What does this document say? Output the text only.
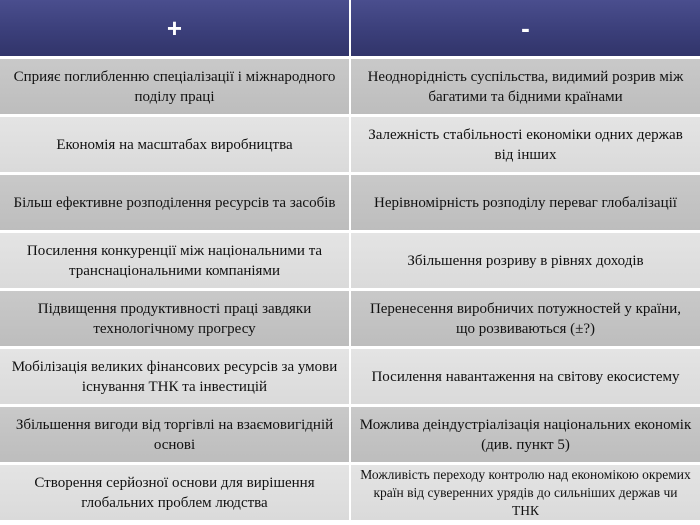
+	-
Сприяє поглибленню спеціалізації і міжнародного поділу праці
Неоднорідність суспільства, видимий розрив між багатими та бідними країнами
Економія на масштабах виробництва
Залежність стабільності економіки одних держав від інших
Більш ефективне розподілення ресурсів та засобів	Нерівномірність розподілу переваг глобалізації
Посилення конкуренції між національними та транснаціональними компаніями
Збільшення розриву в рівнях доходів
Підвищення продуктивності праці завдяки технологічному прогресу
Перенесення виробничих потужностей у країни, що розвиваються (±?)
Мобілізація великих фінансових ресурсів за умови існування ТНК та інвестицій
Посилення навантаження на світову екосистему
Збільшення вигоди від торгівлі на взаємовигідній основі
Можлива деіндустріалізація національних економік (див. пункт 5)
Створення серйозної основи для вирішення глобальних проблем людства
Можливість переходу контролю над економікою окремих країн від суверенних урядів до сильніших держав чи ТНК
